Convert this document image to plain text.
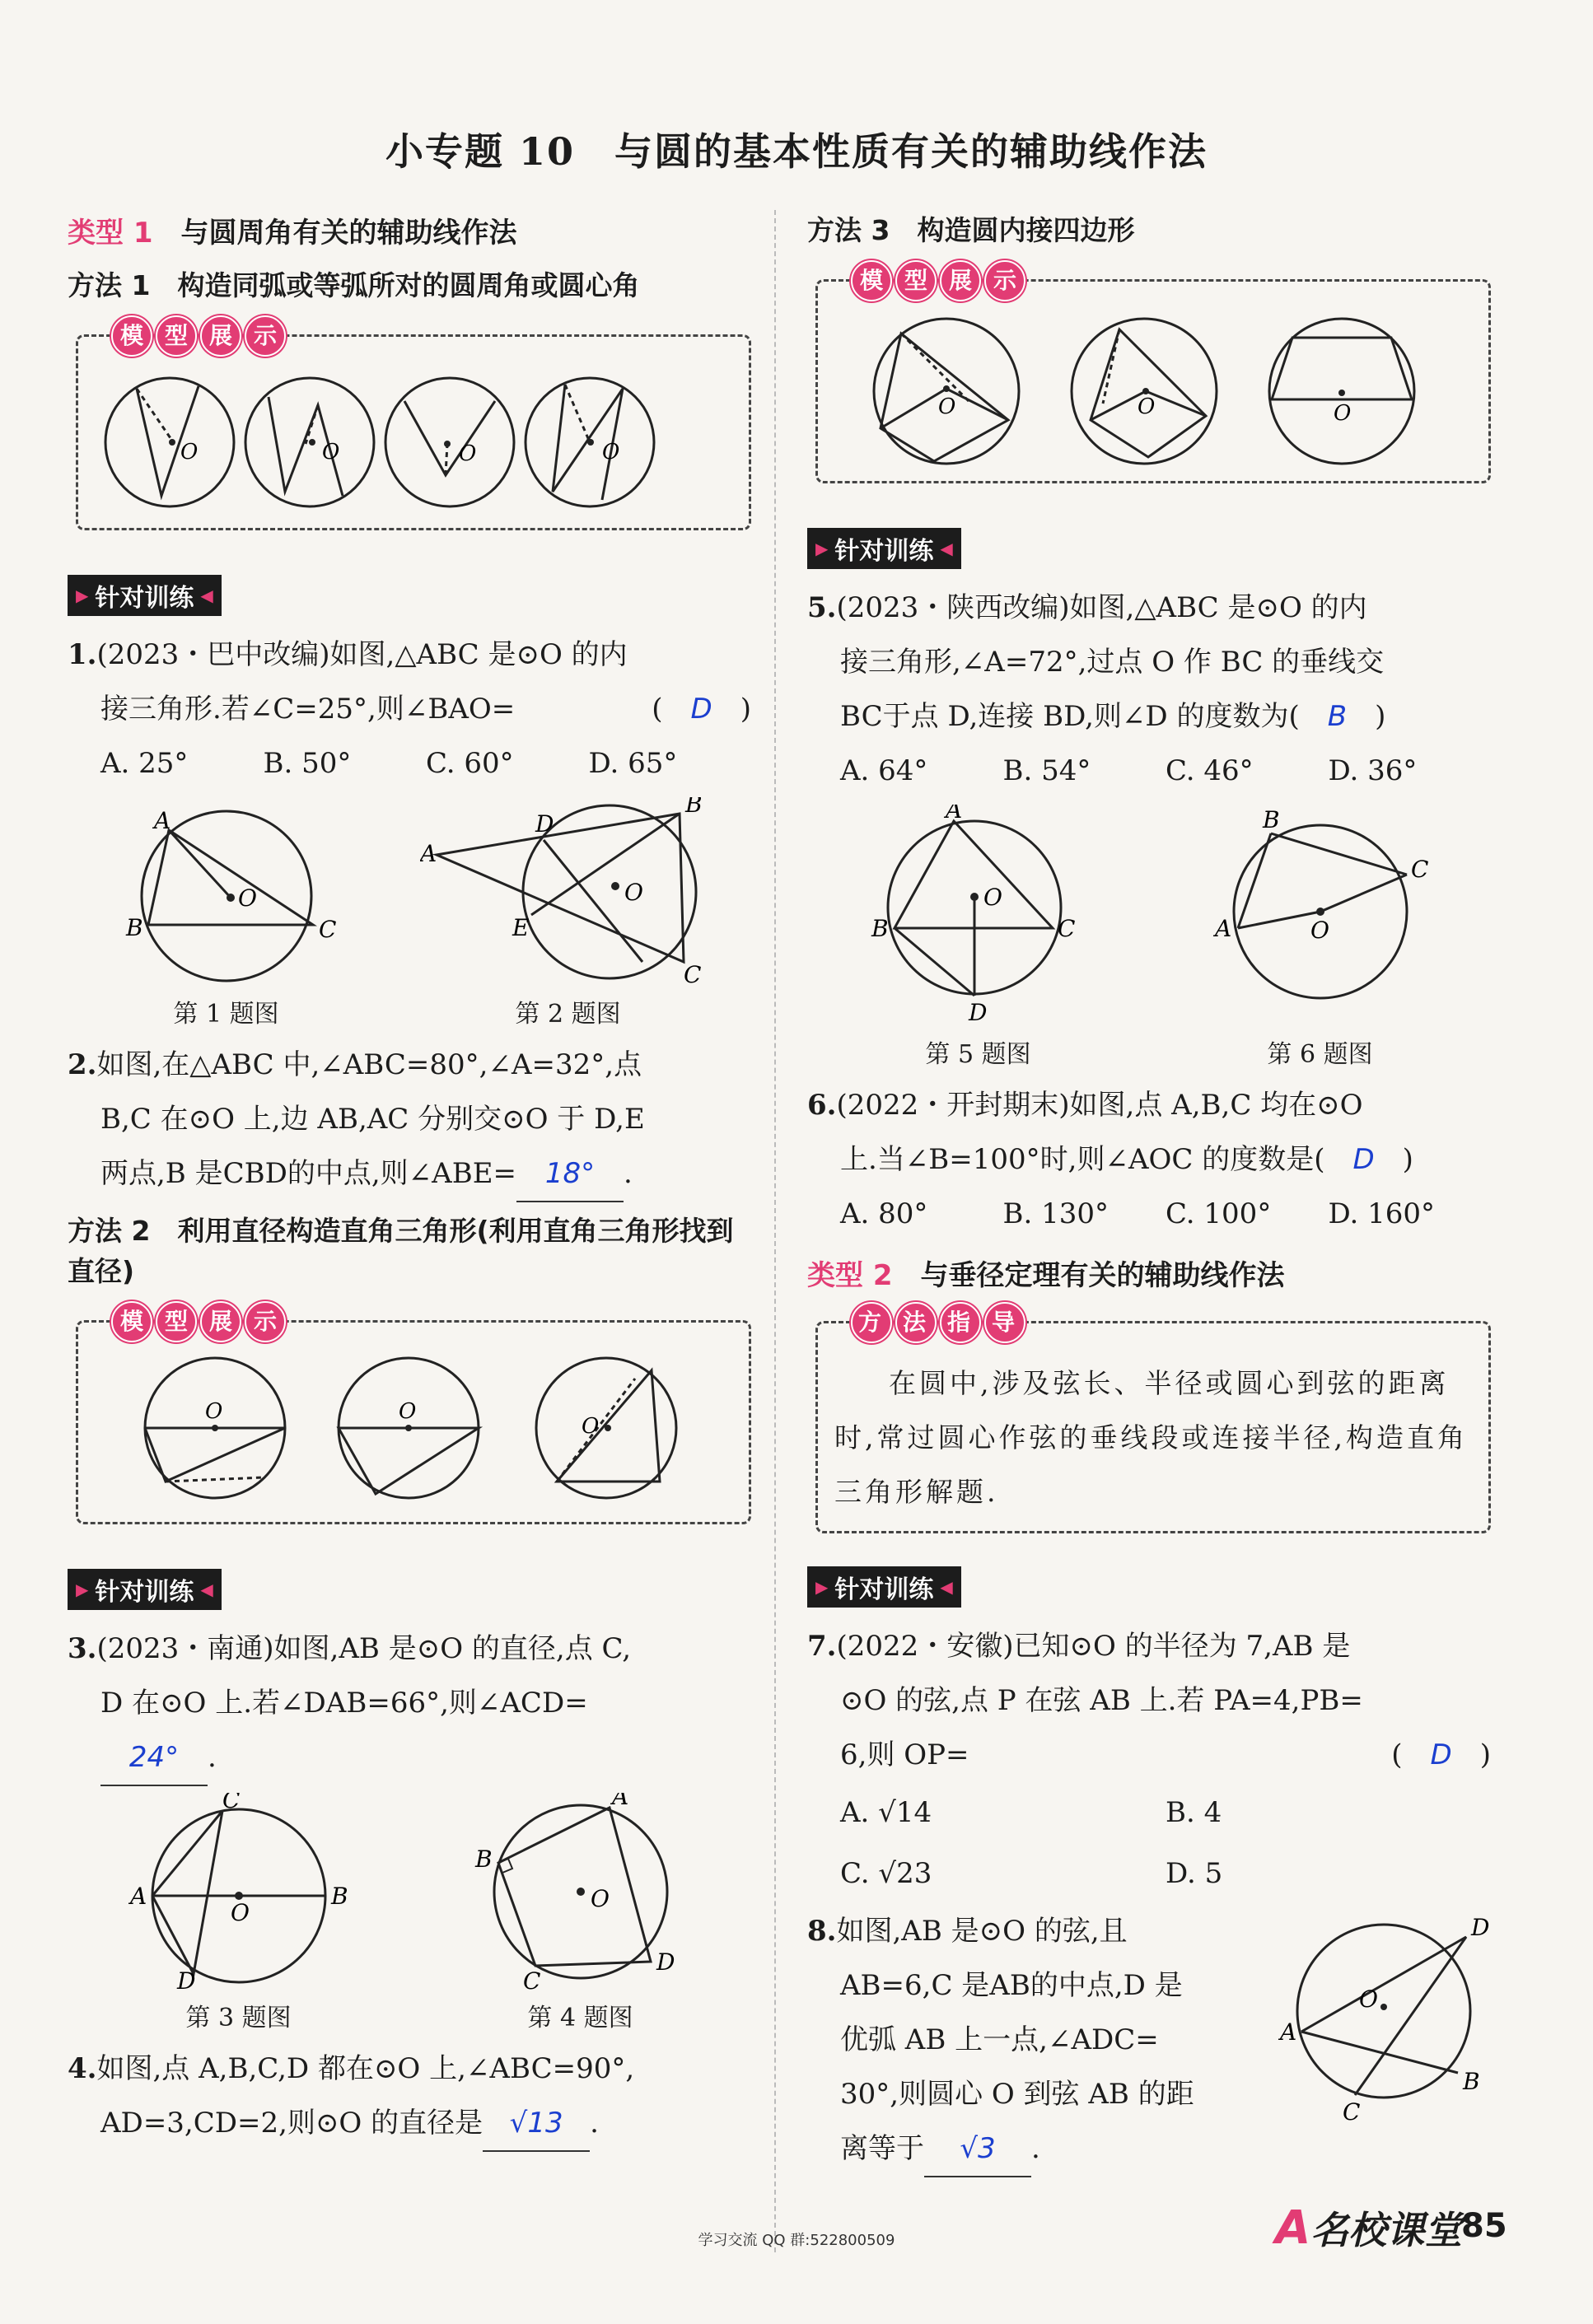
小专题 10　与圆的基本性质有关的辅助线作法
类型 1 与圆周角有关的辅助线作法
方法 1　构造同弧或等弧所对的圆周角或圆心角
模 型 展 示
O	O	O	O
▶ 针对训练 ◀

1.(2023・巴中改编)如图,△ABC 是⊙O 的内
接三角形.若∠C=25°,则∠BAO=	(　D　)

A. 25°	B. 50°	C. 60°	D. 65°
A
B	C
O
第 1 题图
A
D
B
E
C
O
第 2 题图

2.如图,在△ABC 中,∠ABC=80°,∠A=32°,点
B,C 在⊙O 上,边 AB,AC 分别交⊙O 于 D,E
两点,B 是CBD的中点,则∠ABE= 18° .

方法 2　利用直径构造直角三角形(利用直角三角形找到直径)
模 型 展 示
O	O
O
▶ 针对训练 ◀

3.(2023・南通)如图,AB 是⊙O 的直径,点 C,
D 在⊙O 上.若∠DAB=66°,则∠ACD=
24° .

C
A	B
O
D
第 3 题图
A
B
C
D
O
第 4 题图

4.如图,点 A,B,C,D 都在⊙O 上,∠ABC=90°,
AD=3,CD=2,则⊙O 的直径是 √13 .

方法 3　构造圆内接四边形
模 型 展 示
O	O	O
▶ 针对训练 ◀

5.(2023・陕西改编)如图,△ABC 是⊙O 的内
接三角形,∠A=72°,过点 O 作 BC 的垂线交
BC于点 D,连接 BD,则∠D 的度数为(　 B　)

A. 64°	B. 54°	C. 46°	D. 36°
A
B	C
D
O
第 5 题图
B
A
C
O
第 6 题图

6.(2022・开封期末)如图,点 A,B,C 均在⊙O
上.当∠B=100°时,则∠AOC 的度数是(　 D　)

A. 80°	B. 130°	C. 100°	D. 160°
类型 2 与垂径定理有关的辅助线作法
方 法 指 导
在圆中,涉及弦长、半径或圆心到弦的距离时,常过圆心作弦的垂线段或连接半径,构造直角三角形解题.
▶ 针对训练 ◀

7.(2022・安徽)已知⊙O 的半径为 7,AB 是
⊙O 的弦,点 P 在弦 AB 上.若 PA=4,PB=
6,则 OP=	(　D　)

A. √14	B. 4
C. √23	D. 5

8.如图,AB 是⊙O 的弦,且
AB=6,C 是AB的中点,D 是
优弧 AB 上一点,∠ADC=
30°,则圆心 O 到弦 AB 的距
离等于 √3 .

D
A
B
C
O
学习交流 QQ 群:522800509	A名校课堂
85
